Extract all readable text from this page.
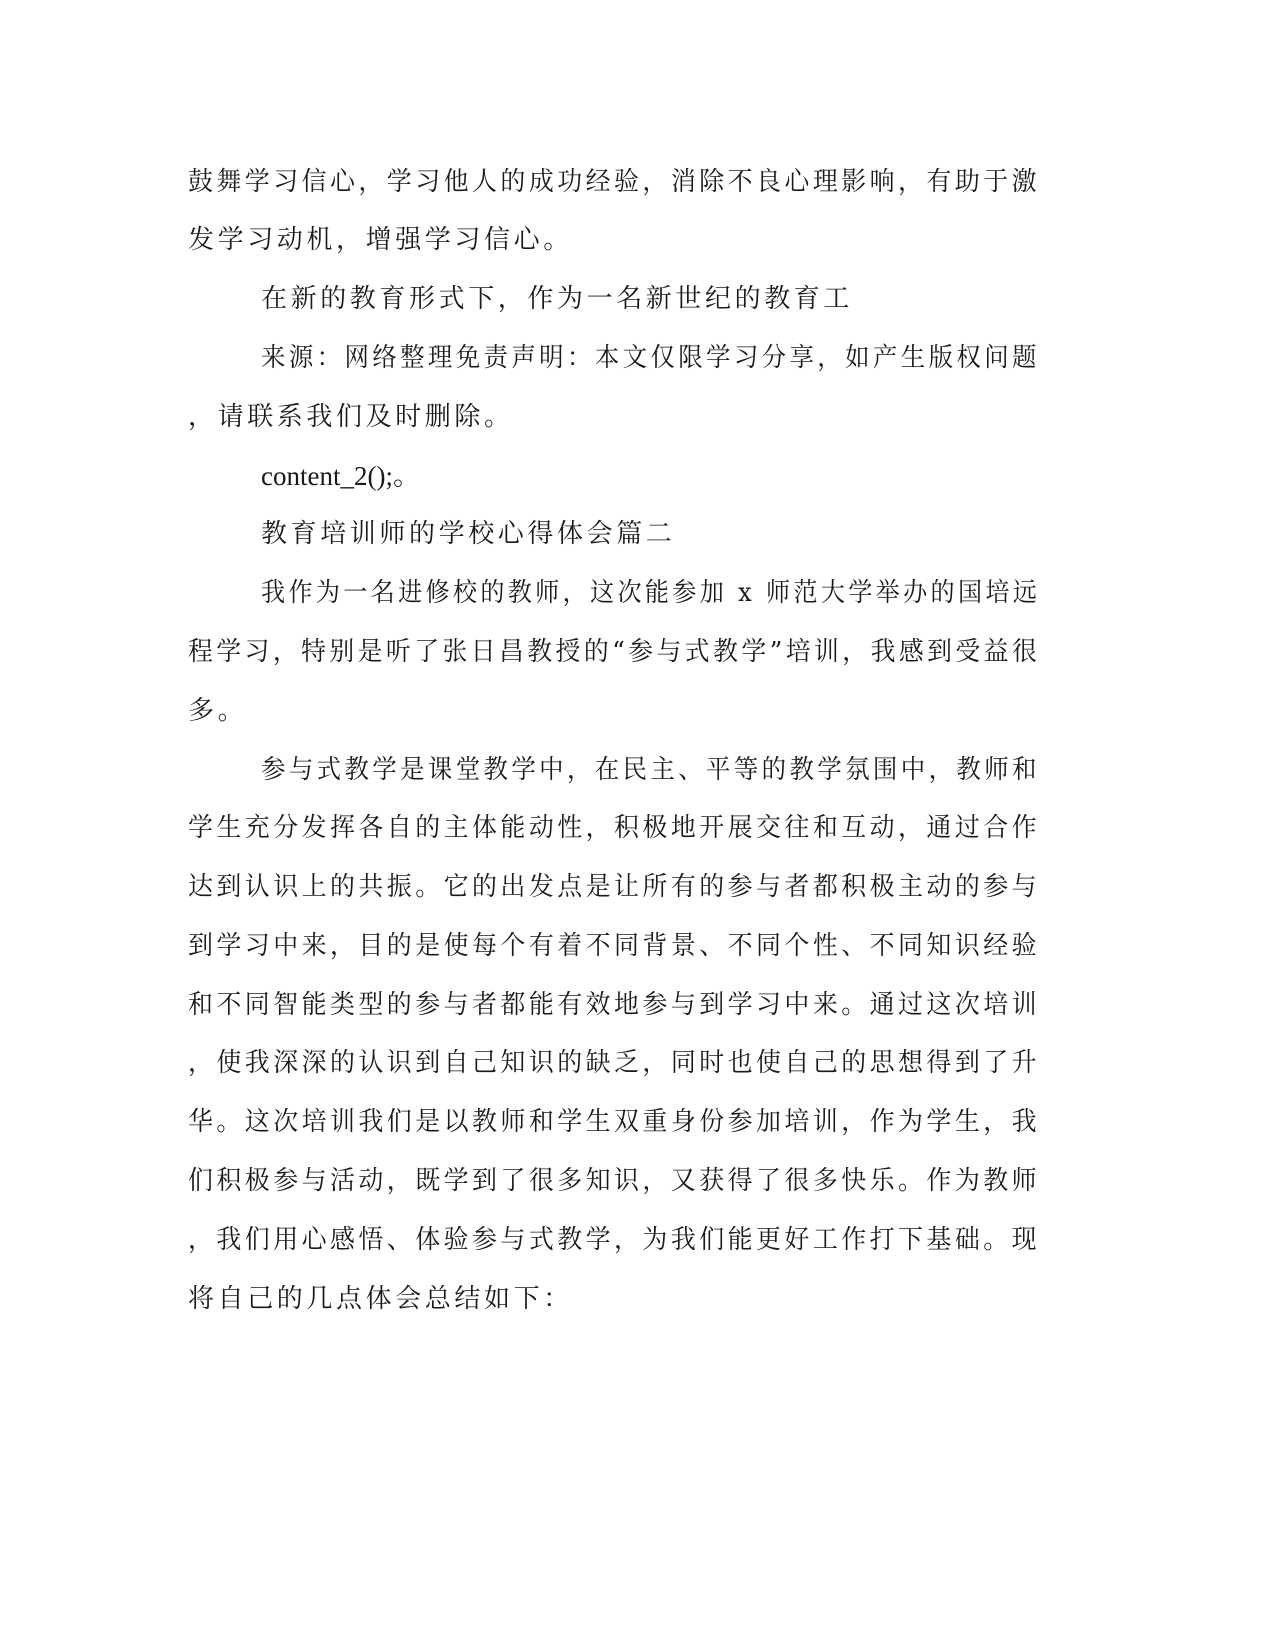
鼓舞学习信心，学习他人的成功经验，消除不良心理影响，有助于激
发学习动机，增强学习信心。
在新的教育形式下，作为一名新世纪的教育工
来源：网络整理免责声明：本文仅限学习分享，如产生版权问题
，请联系我们及时删除。
content_2();。
教育培训师的学校心得体会篇二
我作为一名进修校的教师，这次能参加 x 师范大学举办的国培远
程学习，特别是听了张日昌教授的“参与式教学”培训，我感到受益很
多。
参与式教学是课堂教学中，在民主、平等的教学氛围中，教师和
学生充分发挥各自的主体能动性，积极地开展交往和互动，通过合作
达到认识上的共振。它的出发点是让所有的参与者都积极主动的参与
到学习中来，目的是使每个有着不同背景、不同个性、不同知识经验
和不同智能类型的参与者都能有效地参与到学习中来。通过这次培训
，使我深深的认识到自己知识的缺乏，同时也使自己的思想得到了升
华。这次培训我们是以教师和学生双重身份参加培训，作为学生，我
们积极参与活动，既学到了很多知识，又获得了很多快乐。作为教师
，我们用心感悟、体验参与式教学，为我们能更好工作打下基础。现
将自己的几点体会总结如下：
